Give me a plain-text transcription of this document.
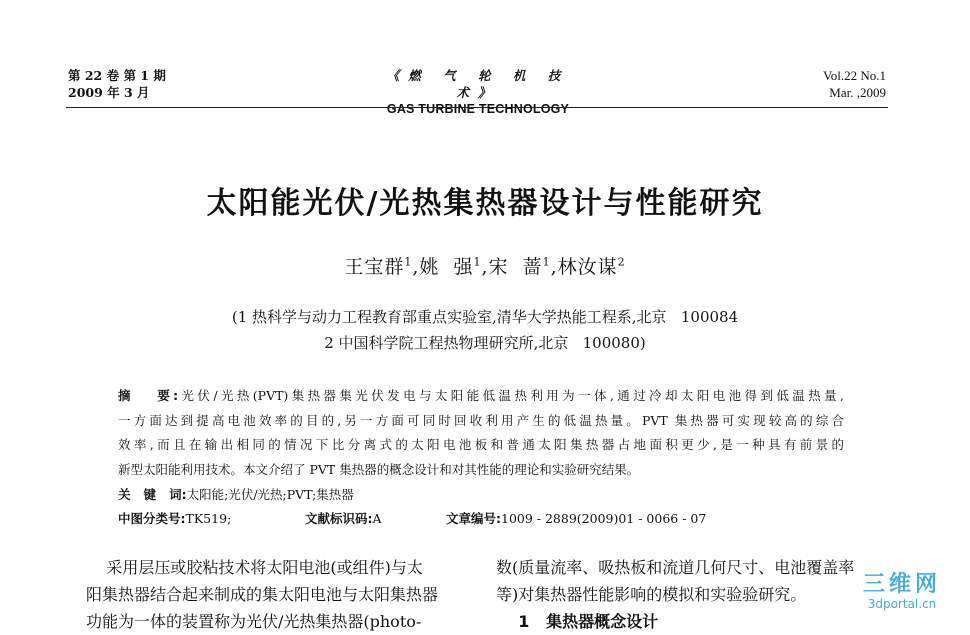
第 22 卷 第 1 期
2009 年 3 月
《燃 气 轮 机 技 术》
GAS TURBINE TECHNOLOGY
Vol.22 No.1
Mar. ,2009
太阳能光伏/光热集热器设计与性能研究
王宝群$^1$,姚  强$^1$,宋  蔷$^1$,林汝谋$^2$
(1 热科学与动力工程教育部重点实验室,清华大学热能工程系,北京   100084
2 中国科学院工程热物理研究所,北京   100080)
摘   要:光伏/光热(PVT)集热器集光伏发电与太阳能低温热利用为一体,通过冷却太阳电池得到低温热量,
一方面达到提高电池效率的目的,另一方面可同时回收利用产生的低温热量。PVT 集热器可实现较高的综合
效率,而且在输出相同的情况下比分离式的太阳电池板和普通太阳集热器占地面积更少,是一种具有前景的
新型太阳能利用技术。本文介绍了 PVT 集热器的概念设计和对其性能的理论和实验研究结果。
关   键   词:太阳能;光伏/光热;PVT;集热器
中图分类号:TK519;	文献标识码:A	文章编号:1009 - 2889(2009)01 - 0066 - 07
采用层压或胶粘技术将太阳电池(或组件)与太
阳集热器结合起来制成的集太阳电池与太阳集热器
功能为一体的装置称为光伏/光热集热器(photo-
数(质量流率、吸热板和流道几何尺寸、电池覆盖率
等)对集热器性能影响的模拟和实验验研究。
1   集热器概念设计
三维网
3dportal.cn
